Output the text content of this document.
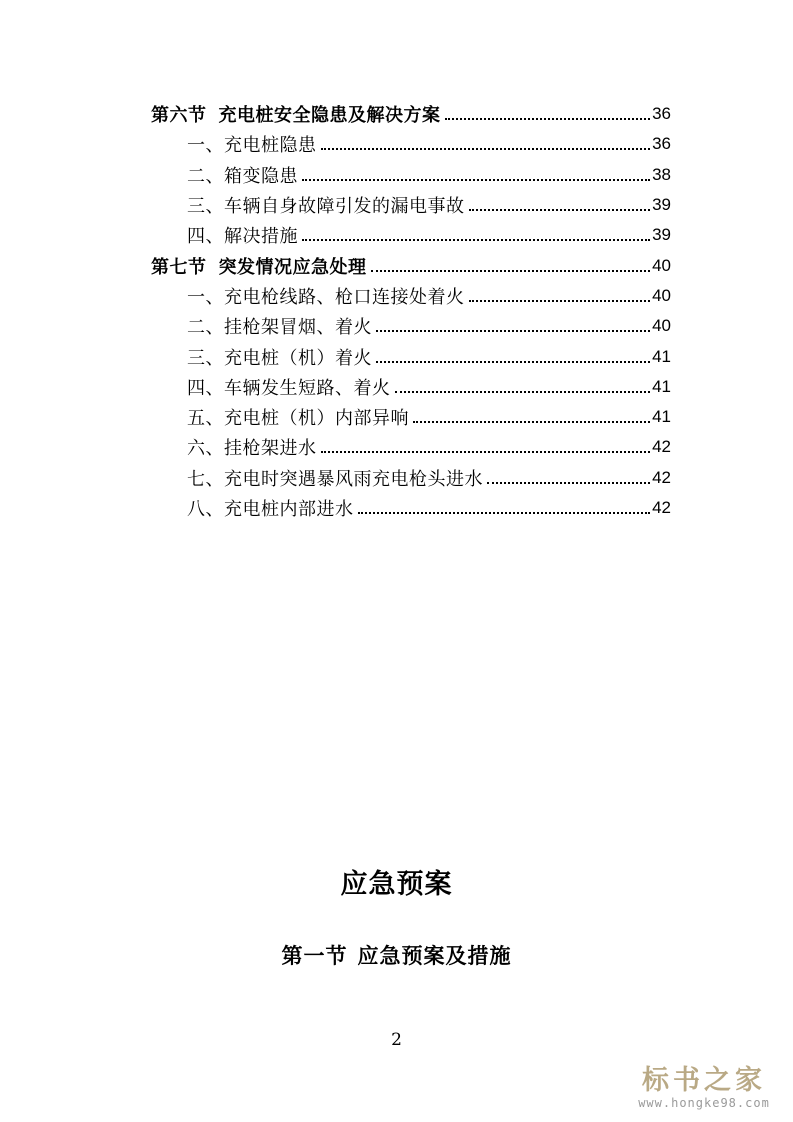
第六节 充电桩安全隐患及解决方案	36
一、充电桩隐患	36
二、箱变隐患	38
三、车辆自身故障引发的漏电事故	39
四、解决措施	39
第七节 突发情况应急处理	40
一、充电枪线路、枪口连接处着火	40
二、挂枪架冒烟、着火	40
三、充电桩（机）着火	41
四、车辆发生短路、着火	41
五、充电桩（机）内部异响	41
六、挂枪架进水	42
七、充电时突遇暴风雨充电枪头进水	42
八、充电桩内部进水	42
应急预案
第一节 应急预案及措施
2
标书之家
www.hongke98.com
